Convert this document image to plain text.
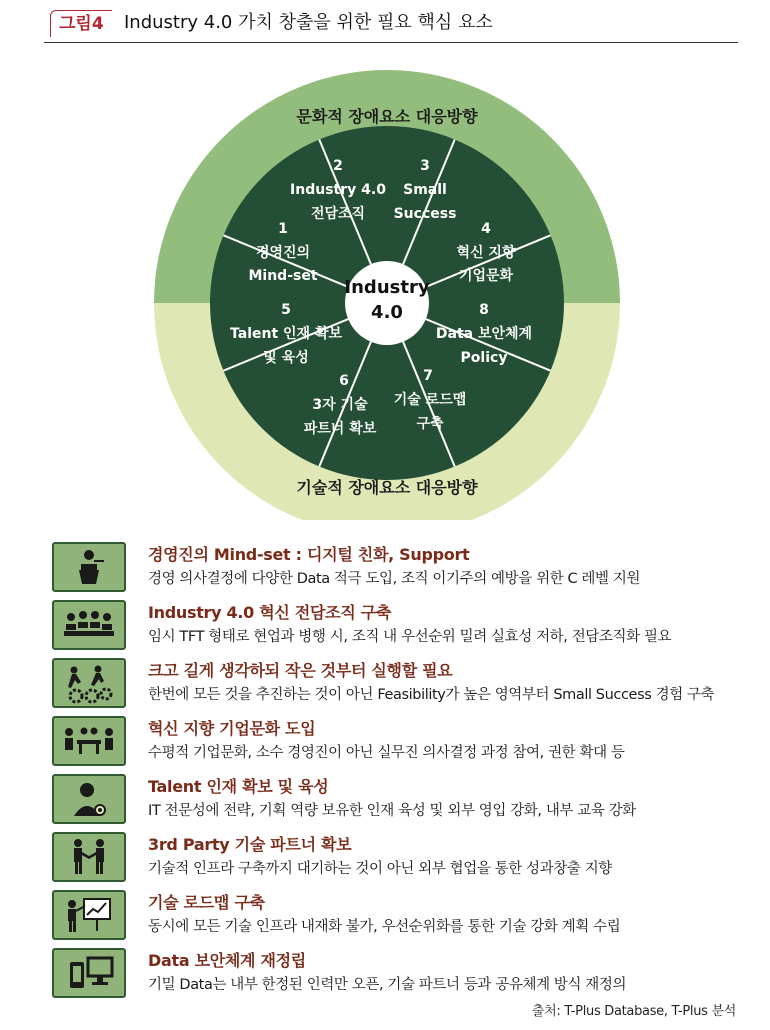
그림4	Industry 4.0 가치 창출을 위한 필요 핵심 요소
문화적 장애요소 대응방향
기술적 장애요소 대응방향
Industry
4.0
1
경영진의
Mind-set
2
Industry 4.0
전담조직
3
Small
Success
4
혁신 지향
기업문화
5
Talent 인재 확보
및 육성
6
3자 기술
파트너 확보
7
기술 로드맵
구축
8
Data 보안체계
Policy
경영진의 Mind-set : 디지털 친화, Support
경영 의사결정에 다양한 Data 적극 도입, 조직 이기주의 예방을 위한 C 레벨 지원
Industry 4.0 혁신 전담조직 구축
임시 TFT 형태로 현업과 병행 시, 조직 내 우선순위 밀려 실효성 저하, 전담조직화 필요
크고 길게 생각하되 작은 것부터 실행할 필요
한번에 모든 것을 추진하는 것이 아닌 Feasibility가 높은 영역부터 Small Success 경험 구축
혁신 지향 기업문화 도입
수평적 기업문화, 소수 경영진이 아닌 실무진 의사결정 과정 참여, 권한 확대 등
Talent 인재 확보 및 육성
IT 전문성에 전략, 기획 역량 보유한 인재 육성 및 외부 영입 강화, 내부 교육 강화
3rd Party 기술 파트너 확보
기술적 인프라 구축까지 대기하는 것이 아닌 외부 협업을 통한 성과창출 지향
기술 로드맵 구축
동시에 모든 기술 인프라 내재화 불가, 우선순위화를 통한 기술 강화 계획 수립
Data 보안체계 재정립
기밀 Data는 내부 한정된 인력만 오픈, 기술 파트너 등과 공유체계 방식 재정의
출처: T-Plus Database, T-Plus 분석
